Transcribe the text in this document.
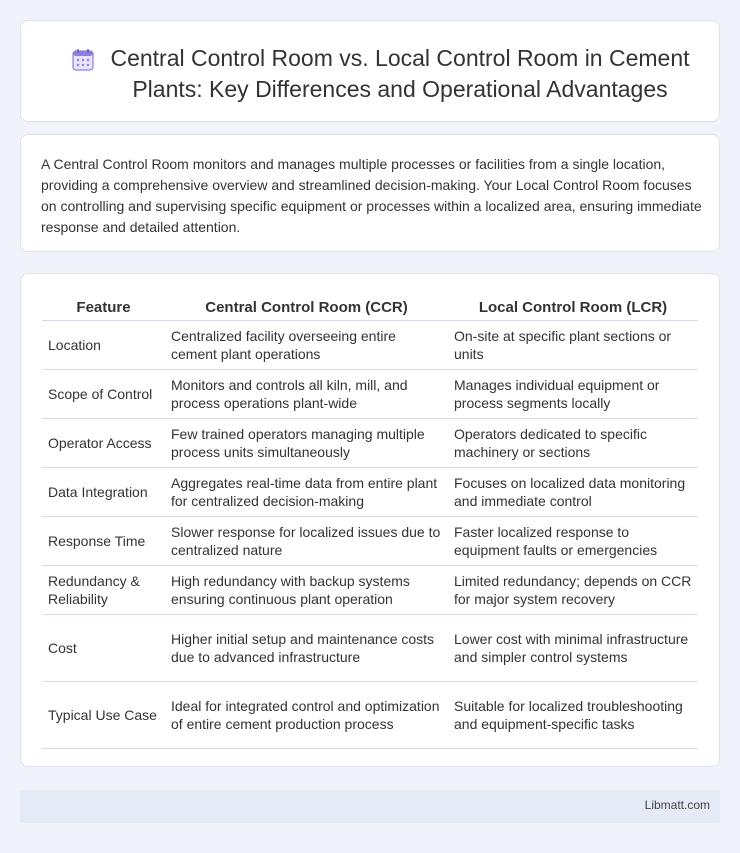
Central Control Room vs. Local Control Room in Cement Plants: Key Differences and Operational Advantages

A Central Control Room monitors and manages multiple processes or facilities from a single location, providing a comprehensive overview and streamlined decision-making. Your Local Control Room focuses on controlling and supervising specific equipment or processes within a localized area, ensuring immediate response and detailed attention.

Feature	Central Control Room (CCR)	Local Control Room (LCR)
Location	Centralized facility overseeing entire cement plant operations	On-site at specific plant sections or units
Scope of Control	Monitors and controls all kiln, mill, and process operations plant-wide	Manages individual equipment or process segments locally
Operator Access	Few trained operators managing multiple process units simultaneously	Operators dedicated to specific machinery or sections
Data Integration	Aggregates real-time data from entire plant for centralized decision-making	Focuses on localized data monitoring and immediate control
Response Time	Slower response for localized issues due to centralized nature	Faster localized response to equipment faults or emergencies
Redundancy & Reliability	High redundancy with backup systems ensuring continuous plant operation	Limited redundancy; depends on CCR for major system recovery
Cost	Higher initial setup and maintenance costs due to advanced infrastructure	Lower cost with minimal infrastructure and simpler control systems
Typical Use Case	Ideal for integrated control and optimization of entire cement production process	Suitable for localized troubleshooting and equipment-specific tasks
Libmatt.com
